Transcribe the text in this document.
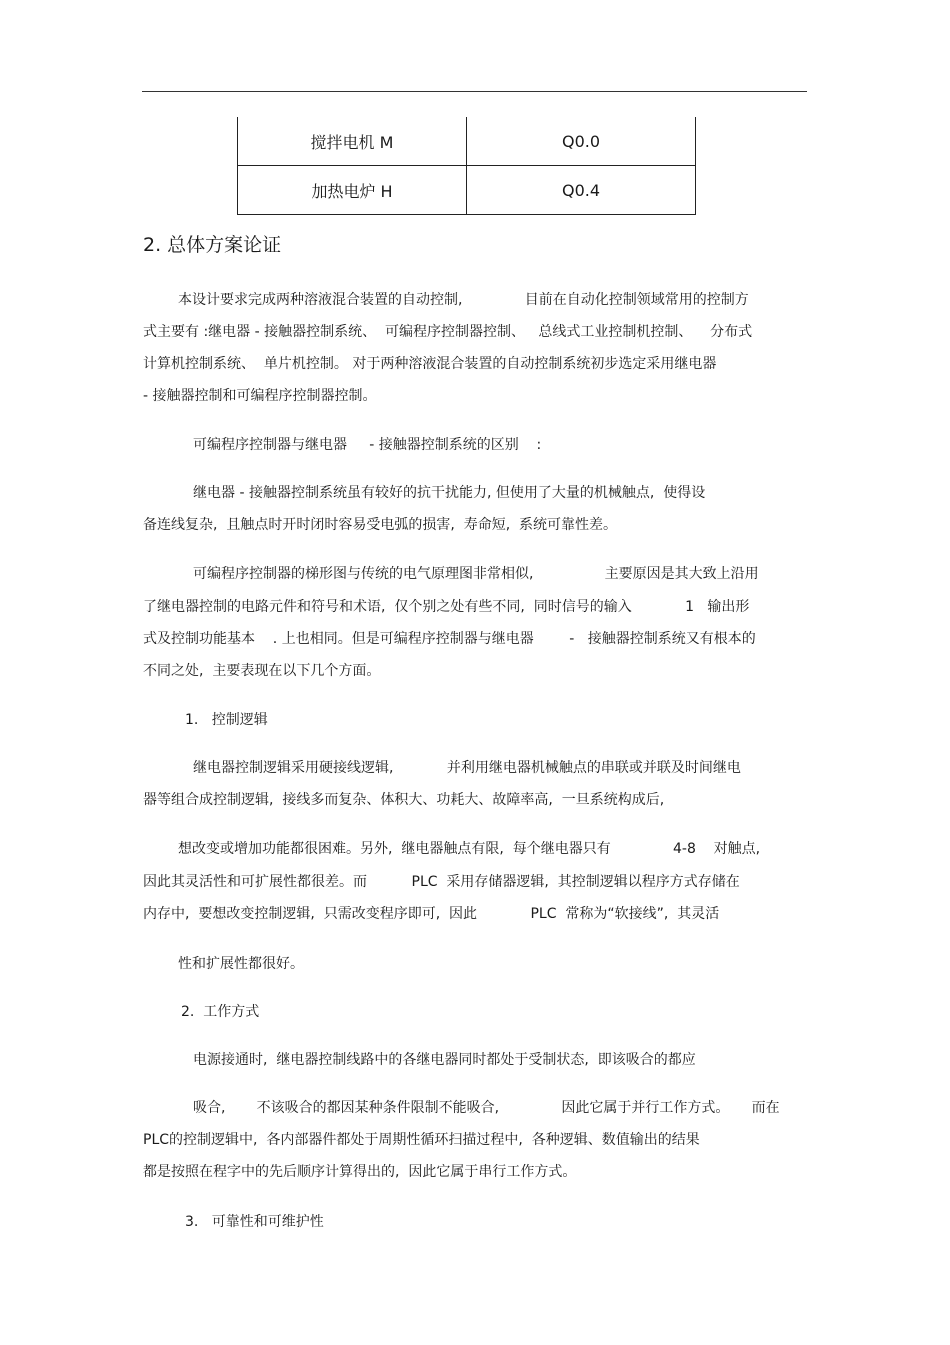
搅拌电机 M	Q0.0
加热电炉 H	Q0.4
2. 总体方案论证
本设计要求完成两种溶液混合装置的自动控制,              目前在自动化控制领域常用的控制方
式主要有 :继电器 - 接触器控制系统、  可编程序控制器控制、   总线式工业控制机控制、    分布式
计算机控制系统、  单片机控制。 对于两种溶液混合装置的自动控制系统初步选定采用继电器
- 接触器控制和可编程序控制器控制。
可编程序控制器与继电器     - 接触器控制系统的区别    :
继电器 - 接触器控制系统虽有较好的抗干扰能力, 但使用了大量的机械触点,  使得设
备连线复杂,  且触点时开时闭时容易受电弧的损害,  寿命短,  系统可靠性差。
可编程序控制器的梯形图与传统的电气原理图非常相似,                主要原因是其大致上沿用
了继电器控制的电路元件和符号和术语,  仅个别之处有些不同,  同时信号的输入            1   输出形
式及控制功能基本    . 上也相同。但是可编程序控制器与继电器        -   接触器控制系统又有根本的
不同之处,  主要表现在以下几个方面。
1.   控制逻辑
继电器控制逻辑采用硬接线逻辑,            并利用继电器机械触点的串联或并联及时间继电
器等组合成控制逻辑,  接线多而复杂、体积大、功耗大、故障率高,  一旦系统构成后,
想改变或增加功能都很困难。另外,  继电器触点有限,  每个继电器只有              4-8    对触点,
因此其灵活性和可扩展性都很差。而          PLC  采用存储器逻辑,  其控制逻辑以程序方式存储在
内存中,  要想改变控制逻辑,  只需改变程序即可,  因此            PLC  常称为“软接线”,  其灵活
性和扩展性都很好。
2.  工作方式
电源接通时,  继电器控制线路中的各继电器同时都处于受制状态,  即该吸合的都应
吸合,       不该吸合的都因某种条件限制不能吸合,              因此它属于并行工作方式。     而在
PLC的控制逻辑中,  各内部器件都处于周期性循环扫描过程中,  各种逻辑、数值输出的结果
都是按照在程字中的先后顺序计算得出的,  因此它属于串行工作方式。
3.   可靠性和可维护性
